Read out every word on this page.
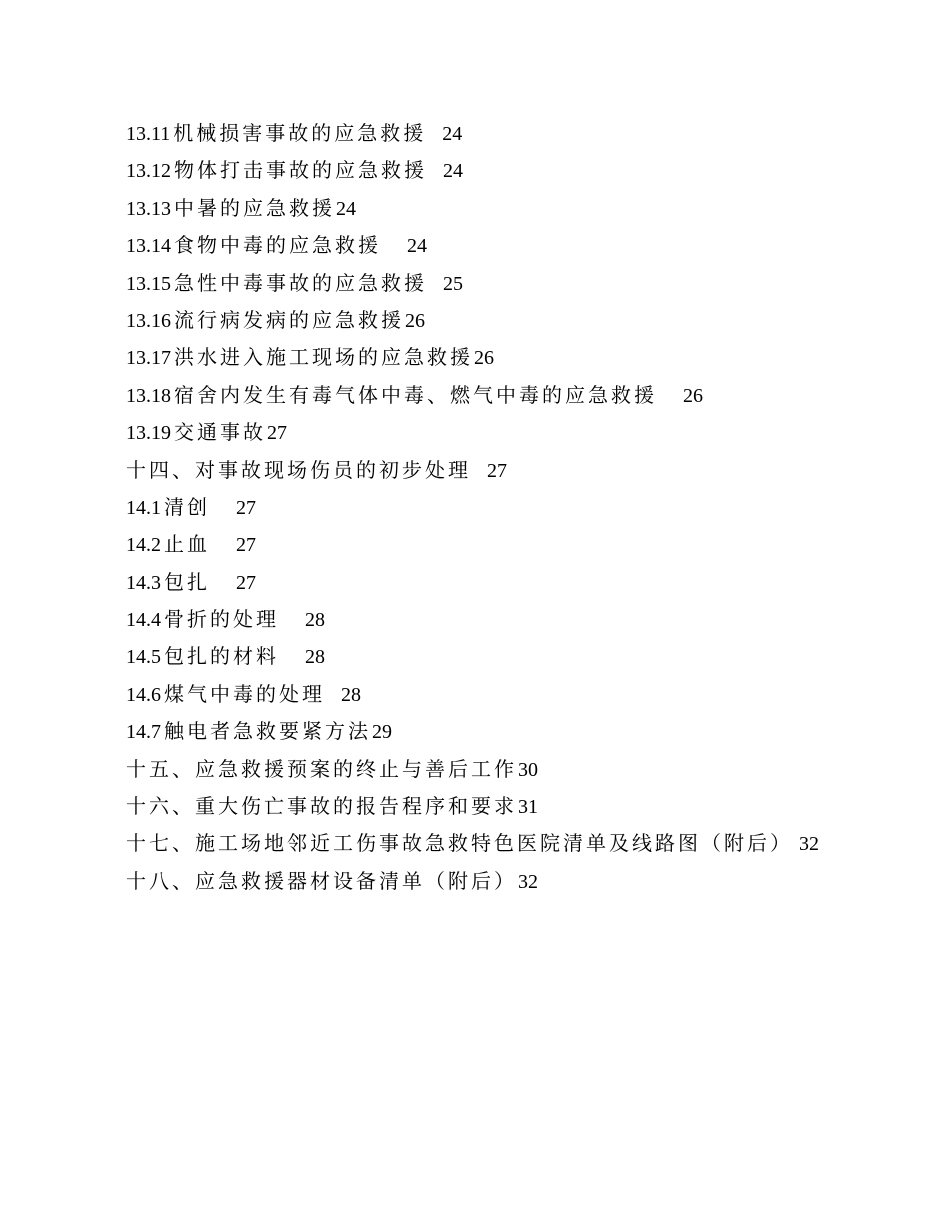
13.11 机械损害事故的应急救援 24
13.12 物体打击事故的应急救援 24
13.13 中暑的应急救援24
13.14 食物中毒的应急救援 24
13.15 急性中毒事故的应急救援 25
13.16 流行病发病的应急救援26
13.17 洪水进入施工现场的应急救援26
13.18 宿舍内发生有毒气体中毒、燃气中毒的应急救援 26
13.19 交通事故27
十四、对事故现场伤员的初步处理 27
14.1 清创 27
14.2 止血 27
14.3 包扎 27
14.4 骨折的处理 28
14.5 包扎的材料 28
14.6 煤气中毒的处理 28
14.7 触电者急救要紧方法29
十五、应急救援预案的终止与善后工作30
十六、重大伤亡事故的报告程序和要求31
十七、施工场地邻近工伤事故急救特色医院清单及线路图（附后） 32
十八、应急救援器材设备清单（附后）32
